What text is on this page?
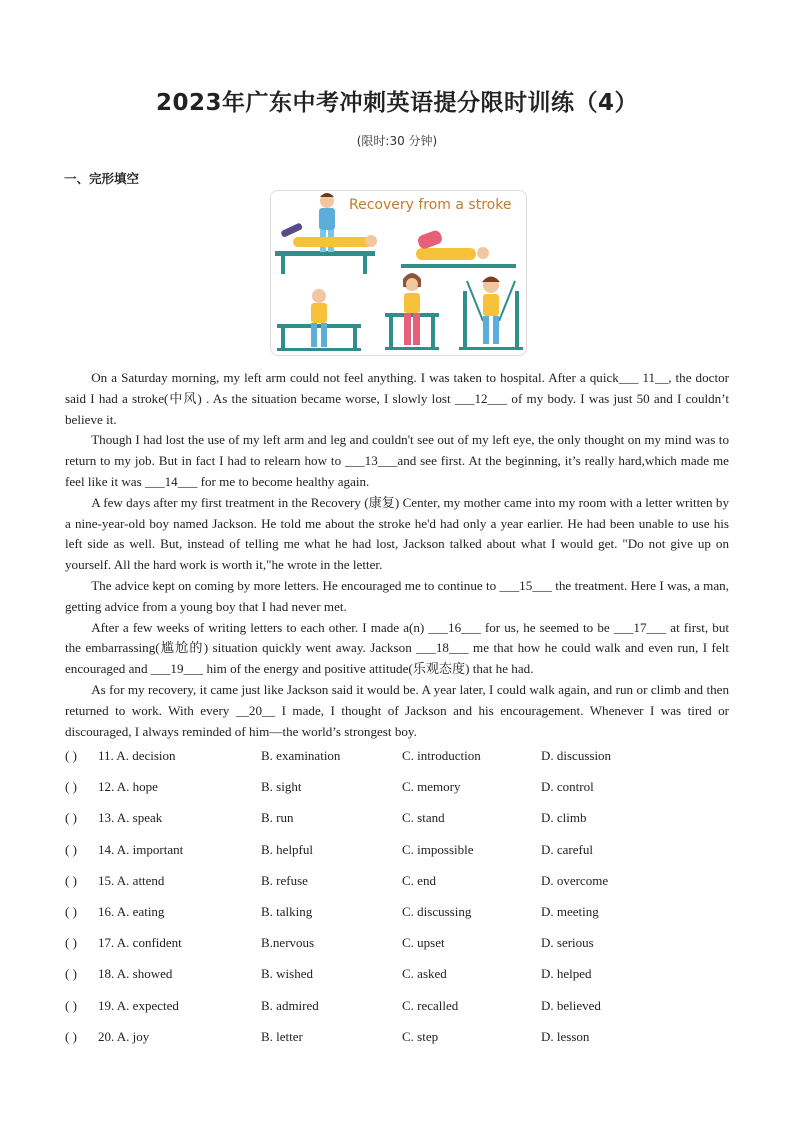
2023年广东中考冲刺英语提分限时训练（4）
(限时:30 分钟)
一、完形填空
Recovery from a stroke

On a Saturday morning, my left arm could not feel anything. I was taken to hospital. After a quick___ 11__, the doctor said I had a stroke(中风) . As the situation became worse, I slowly lost ___12___ of my body. I was just 50 and I couldn’t believe it.

Though I had lost the use of my left arm and leg and couldn't see out of my left eye, the only thought on my mind was to return to my job. But in fact I had to relearn how to ___13___and see first. At the beginning, it’s really hard,which made me feel like it was ___14___ for me to become healthy again.

A few days after my first treatment in the Recovery (康复) Center, my mother came into my room with a letter written by a nine-year-old boy named Jackson. He told me about the stroke he'd had only a year earlier. He had been unable to use his left side as well. But, instead of telling me what he had lost, Jackson talked about what I would get. "Do not give up on yourself. All the hard work is worth it,"he wrote in the letter.

The advice kept on coming by more letters. He encouraged me to continue to ___15___ the treatment. Here I was, a man, getting advice from a young boy that I had never met.

After a few weeks of writing letters to each other. I made a(n) ___16___ for us, he seemed to be ___17___ at first, but the embarrassing(尴尬的) situation quickly went away. Jackson ___18___ me that how he could walk and even run, I felt encouraged and ___19___ him of the energy and positive attitude(乐观态度) that he had.

As for my recovery, it came just like Jackson said it would be. A year later, I could walk again, and run or climb and then returned to work. With every __20__ I made, I thought of Jackson and his encouragement. Whenever I was tired or discouraged, I always reminded of him—the world’s strongest boy.

( ) 11. A. decision	B. examination	C. introduction	D. discussion
( ) 12. A. hope	B. sight	C. memory	D. control
( ) 13. A. speak	B. run	C. stand	D. climb
( ) 14. A. important	B. helpful	C. impossible	D. careful
( ) 15. A. attend	B. refuse	C. end	D. overcome
( ) 16. A. eating	B. talking	C. discussing	D. meeting
( ) 17. A. confident	B.nervous	C. upset	D. serious
( ) 18. A. showed	B. wished	C. asked	D. helped
( ) 19. A. expected	B. admired	C. recalled	D. believed
( ) 20. A. joy	B. letter	C. step	D. lesson
